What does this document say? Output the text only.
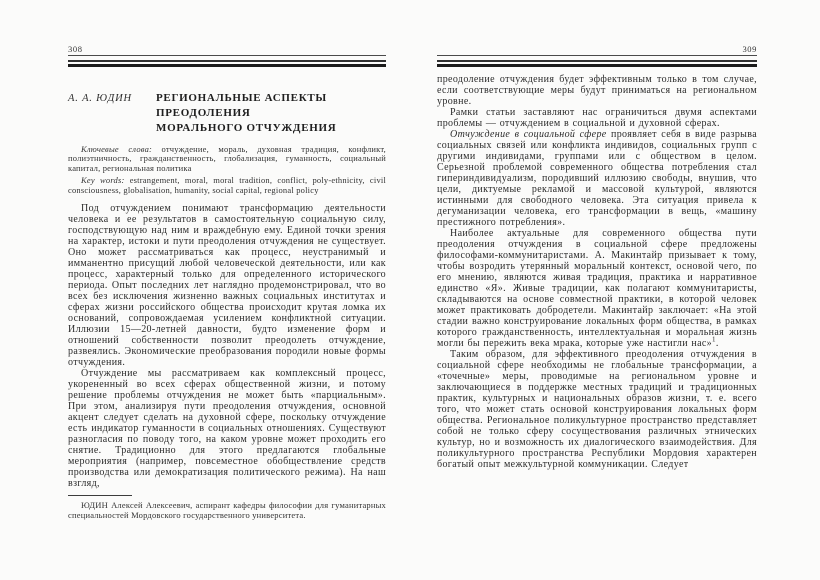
308
А. А. ЮДИН	РЕГИОНАЛЬНЫЕ АСПЕКТЫ
ПРЕОДОЛЕНИЯ
МОРАЛЬНОГО ОТЧУЖДЕНИЯ
Ключевые слова: отчуждение, мораль, духовная традиция, конфликт, полиэтничность, гражданственность, глобализация, гуманность, социальный капитал, региональная политика
Key words: estrangement, moral, moral tradition, conflict, poly-ethnicity, civil consciousness, globalisation, humanity, social capital, regional policy

Под отчуждением понимают трансформацию деятельности человека и ее результатов в самостоятельную социальную силу, господствующую над ним и враждебную ему. Единой точки зрения на характер, истоки и пути преодоления отчуждения не существует. Оно может рассматриваться как процесс, неустранимый и имманентно присущий любой человеческой деятельности, или как процесс, характерный только для определенного исторического периода. Опыт последних лет наглядно продемонстрировал, что во всех без исключения жизненно важных социальных институтах и сферах жизни российского общества происходит крутая ломка их оснований, сопровождаемая усилением конфликтной ситуации. Иллюзии 15—20-летней давности, будто изменение форм и отношений собственности позволит преодолеть отчуждение, развеялись. Экономические преобразования породили новые формы отчуждения.

Отчуждение мы рассматриваем как комплексный процесс, укорененный во всех сферах общественной жизни, и потому решение проблемы отчуждения не может быть «парциальным». При этом, анализируя пути преодоления отчуждения, основной акцент следует сделать на духовной сфере, поскольку отчуждение есть индикатор гуманности в социальных отношениях. Существуют разногласия по поводу того, на каком уровне может проходить его снятие. Традиционно для этого предлагаются глобальные мероприятия (например, повсеместное обобществление средств производства или демократизация политического режима). На наш взгляд,

ЮДИН Алексей Алексеевич, аспирант кафедры философии для гуманитарных специальностей Мордовского государственного университета.

309

преодоление отчуждения будет эффективным только в том случае, если соответствующие меры будут приниматься на региональном уровне.

Рамки статьи заставляют нас ограничиться двумя аспектами проблемы — отчуждением в социальной и духовной сферах.

Отчуждение в социальной сфере проявляет себя в виде разрыва социальных связей или конфликта индивидов, социальных групп с другими индивидами, группами или с обществом в целом. Серьезной проблемой современного общества потребления стал гипериндивидуализм, породивший иллюзию свободы, внушив, что цели, диктуемые рекламой и массовой культурой, являются истинными для свободного человека. Эта ситуация привела к дегуманизации человека, его трансформации в вещь, «машину престижного потребления».

Наиболее актуальные для современного общества пути преодоления отчуждения в социальной сфере предложены философами-коммунитаристами. А. Макинтайр призывает к тому, чтобы возродить утерянный моральный контекст, основой чего, по его мнению, являются живая традиция, практика и нарративное единство «Я». Живые традиции, как полагают коммунитаристы, складываются на основе совместной практики, в которой человек может практиковать добродетели. Макинтайр заключает: «На этой стадии важно конструирование локальных форм общества, в рамках которого гражданственность, интеллектуальная и моральная жизнь могли бы пережить века мрака, которые уже настигли нас»$^1$.

Таким образом, для эффективного преодоления отчуждения в социальной сфере необходимы не глобальные трансформации, а «точечные» меры, проводимые на региональном уровне и заключающиеся в поддержке местных традиций и традиционных практик, культурных и национальных образов жизни, т. е. всего того, что может стать основой конструирования локальных форм общества. Региональное поликультурное пространство представляет собой не только сферу сосуществования различных этнических культур, но и возможность их диалогического взаимодействия. Для поликультурного пространства Республики Мордовия характерен богатый опыт межкультурной коммуникации. Следует
